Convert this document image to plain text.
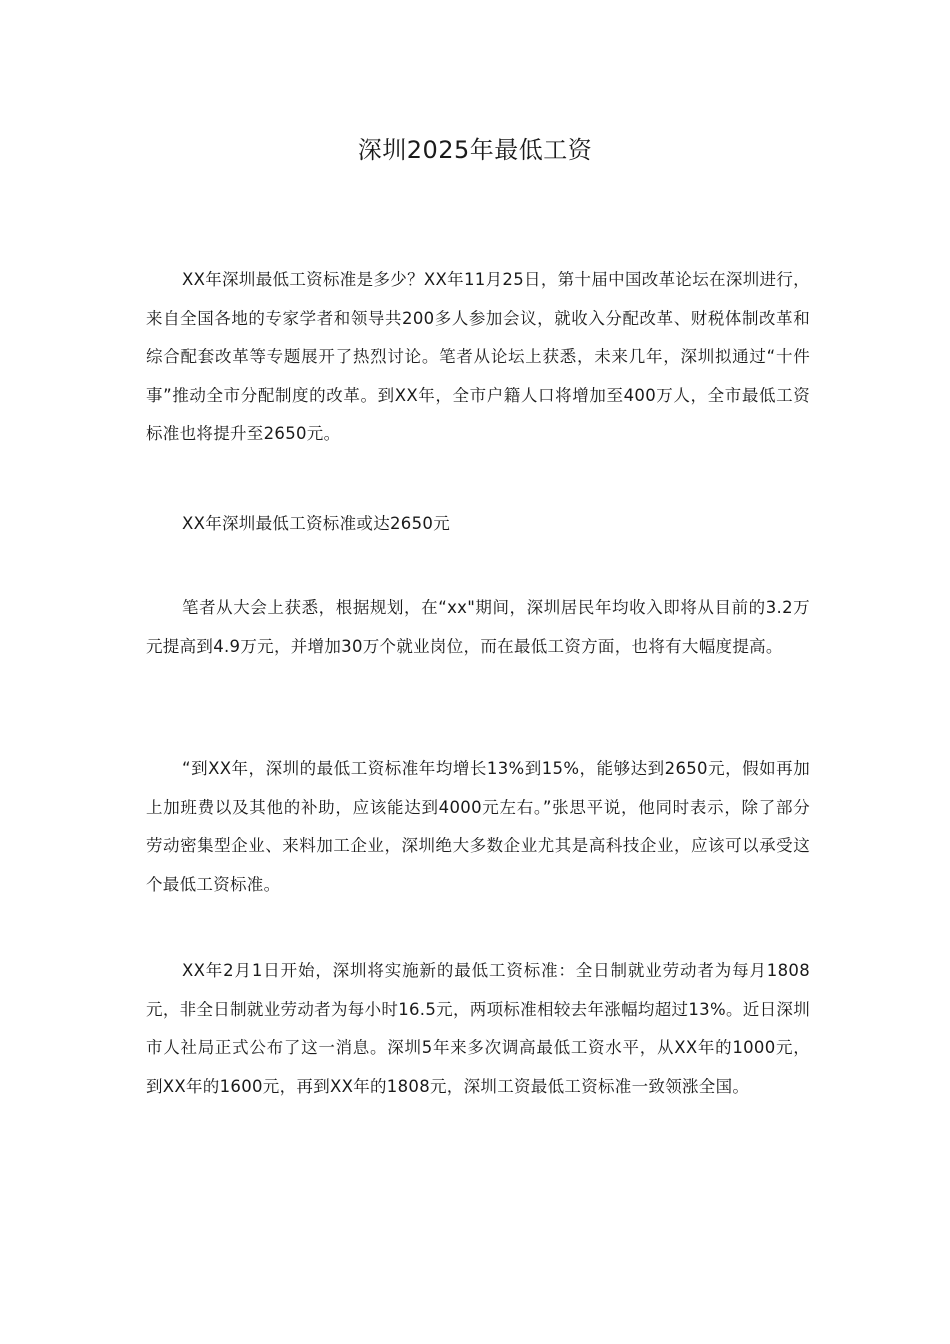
深圳2025年最低工资

XX年深圳最低工资标准是多少？XX年11月25日，第十届中国改革论坛在深圳进行，来自全国各地的专家学者和领导共200多人参加会议，就收入分配改革、财税体制改革和综合配套改革等专题展开了热烈讨论。笔者从论坛上获悉，未来几年，深圳拟通过“十件事”推动全市分配制度的改革。到XX年，全市户籍人口将增加至400万人，全市最低工资标准也将提升至2650元。

XX年深圳最低工资标准或达2650元

笔者从大会上获悉，根据规划，在“xx"期间，深圳居民年均收入即将从目前的3.2万元提高到4.9万元，并增加30万个就业岗位，而在最低工资方面，也将有大幅度提高。

“到XX年，深圳的最低工资标准年均增长13%到15%，能够达到2650元，假如再加上加班费以及其他的补助，应该能达到4000元左右。”张思平说，他同时表示，除了部分劳动密集型企业、来料加工企业，深圳绝大多数企业尤其是高科技企业，应该可以承受这个最低工资标准。

XX年2月1日开始，深圳将实施新的最低工资标准：全日制就业劳动者为每月1808元，非全日制就业劳动者为每小时16.5元，两项标准相较去年涨幅均超过13%。近日深圳市人社局正式公布了这一消息。深圳5年来多次调高最低工资水平，从XX年的1000元，到XX年的1600元，再到XX年的1808元，深圳工资最低工资标准一致领涨全国。
